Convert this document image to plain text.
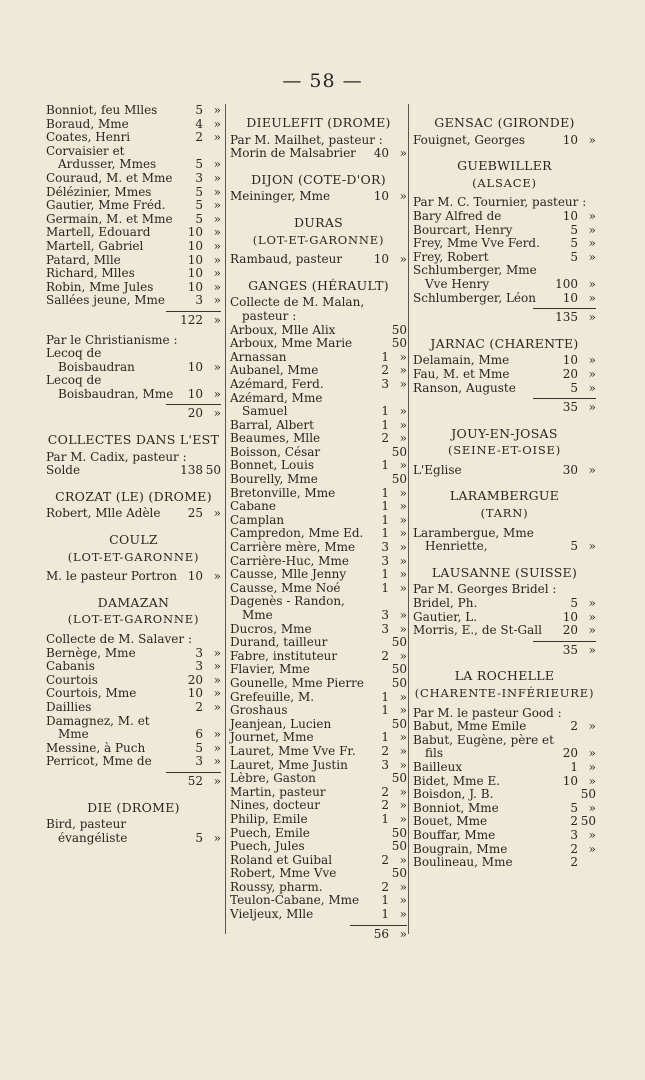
— 58 —
Bonniot, feu Mlles	5 »
Boraud, Mme	4 »
Coates, Henri	2 »
Corvaisier et Ardusser, Mmes	5 »
Couraud, M. et Mme	3 »
Délézinier, Mmes	5 »
Gautier, Mme Fréd.	5 »
Germain, M. et Mme	5 »
Martell, Edouard	10 »
Martell, Gabriel	10 »
Patard, Mlle	10 »
Richard, Mlles	10 »
Robin, Mme Jules	10 »
Sallées jeune, Mme	3 »
122 »
Par le Christianisme :
Lecoq de Boisbaudran	10 »
Lecoq de Boisbaudran, Mme	10 »
20 »
COLLECTES DANS L'EST
Par M. Cadix, pasteur :
Solde	138 50
CROZAT (LE) (DROME)
Robert, Mlle Adèle	25 »
COULZ
(LOT-ET-GARONNE)
M. le pasteur Portron 10 »
DAMAZAN
(LOT-ET-GARONNE)
Collecte de M. Salaver :
Bernège, Mme	3 »
Cabanis	3 »
Courtois	20 »
Courtois, Mme	10 »
Daillies	2 »
Damagnez, M. et Mme	6 »
Messine, à Puch	5 »
Perricot, Mme de	3 »
52 »
DIE (DROME)
Bird, pasteur évangéliste	5 »
DIEULEFIT (DROME)
Par M. Mailhet, pasteur :
Morin de Malsabrier	40 »
DIJON (COTE-D'OR)
Meininger, Mme	10 »
DURAS
(LOT-ET-GARONNE)
Rambaud, pasteur	10 »
GANGES (HÉRAULT)
Collecte de M. Malan, pasteur :
Arboux, Mlle Alix	50
Arboux, Mme Marie	50
Arnassan	1 »
Aubanel, Mme	2 »
Azémard, Ferd.	3 »
Azémard, Mme Samuel	1 »
Barral, Albert	1 »
Beaumes, Mlle	2 »
Boisson, César	50
Bonnet, Louis	1 »
Bourelly, Mme	50
Bretonville, Mme	1 »
Cabane	1 »
Camplan	1 »
Campredon, Mme Ed.	1 »
Carrière mère, Mme	3 »
Carrière-Huc, Mme	3 »
Causse, Mlle Jenny	1 »
Causse, Mme Noé	1 »
Dagenès - Randon, Mme	3 »
Ducros, Mme	3 »
Durand, tailleur	50
Fabre, instituteur	2 »
Flavier, Mme	50
Gounelle, Mme Pierre 50
Grefeuille, M.	1 »
Groshaus	1 »
Jeanjean, Lucien	50
Journet, Mme	1 »
Lauret, Mme Vve Fr.	2 »
Lauret, Mme Justin	3 »
Lèbre, Gaston	50
Martin, pasteur	2 »
Nines, docteur	2 »
Philip, Emile	1 »
Puech, Emile	50
Puech, Jules	50
Roland et Guibal	2 »
Robert, Mme Vve	50
Roussy, pharm.	2 »
Teulon-Cabane, Mme	1 »
Vieljeux, Mlle	1 »
56 »
GENSAC (GIRONDE)
Fouignet, Georges	10 »
GUEBWILLER
(ALSACE)
Par M. C. Tournier, pasteur :
Bary Alfred de	10 »
Bourcart, Henry	5 »
Frey, Mme Vve Ferd.	5 »
Frey, Robert	5 »
Schlumberger, Mme Vve Henry	100 »
Schlumberger, Léon	10 »
135 »
JARNAC (CHARENTE)
Delamain, Mme	10 »
Fau, M. et Mme	20 »
Ranson, Auguste	5 »
35 »
JOUY-EN-JOSAS
(SEINE-ET-OISE)
L'Eglise	30 »
LARAMBERGUE
(TARN)
Larambergue, Mme Henriette,	5 »
LAUSANNE (SUISSE)
Par M. Georges Bridel :
Bridel, Ph.	5 »
Gautier, L.	10 »
Morris, E., de St-Gall	20 »
35 »
LA ROCHELLE
(CHARENTE-INFÉRIEURE)
Par M. le pasteur Good :
Babut, Mme Emile	2 »
Babut, Eugène, père et fils	20 »
Bailleux	1 »
Bidet, Mme E.	10 »
Boisdon, J. B.	50
Bonniot, Mme	5 »
Bouet, Mme	2 50
Bouffar, Mme	3 »
Bougrain, Mme	2 »
Boulineau, Mme	2
